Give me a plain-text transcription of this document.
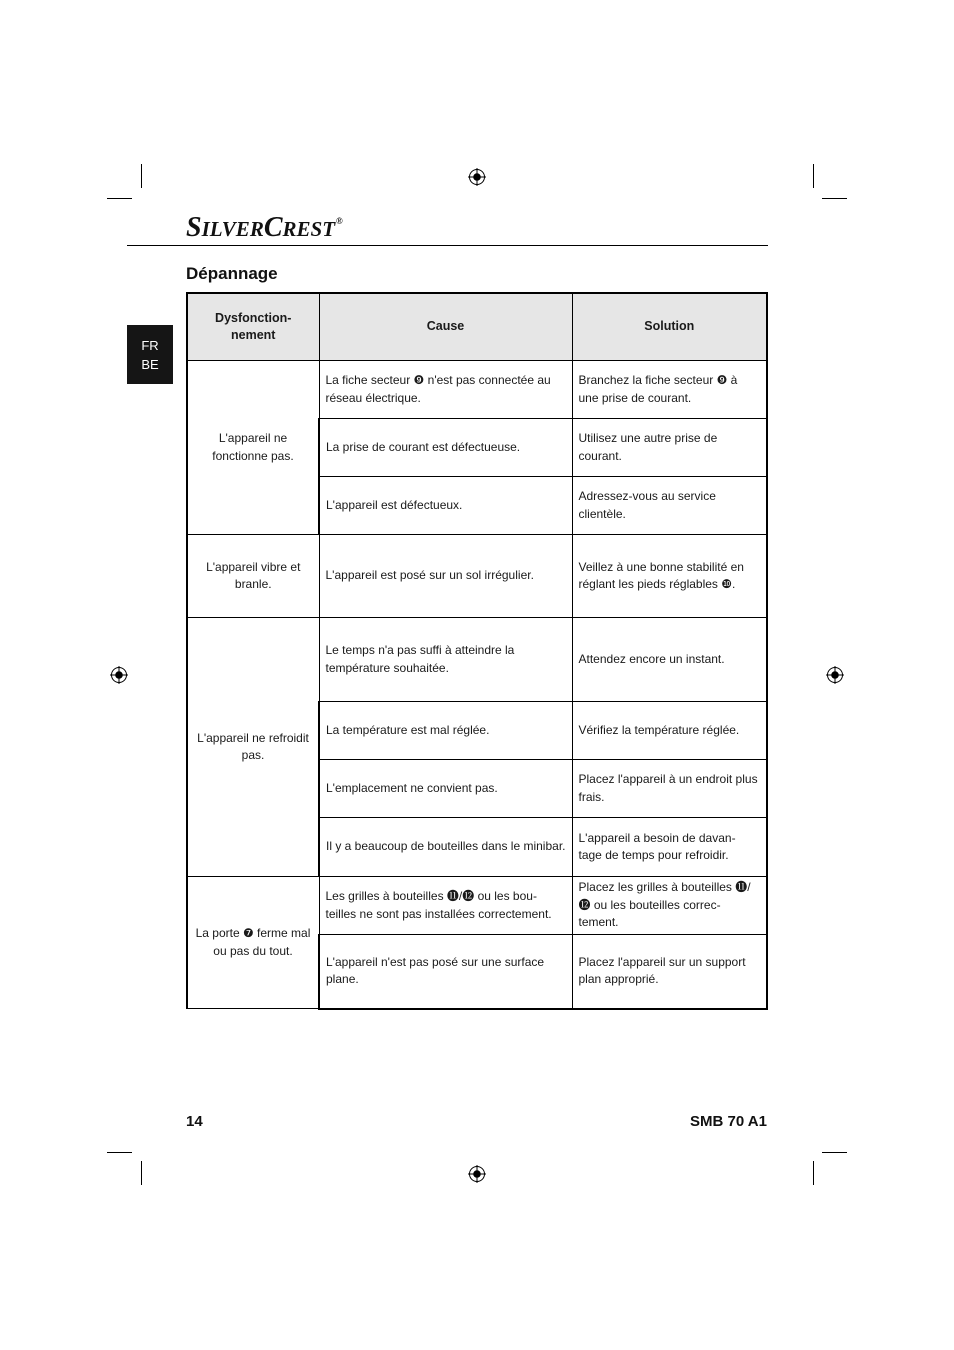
SILVERCREST®
Dépannage
FR
BE
Dysfonction- nement	Cause	Solution
L'appareil ne fonctionne pas.	La fiche secteur ❾ n'est pas connectée au réseau électrique.	Branchez la fiche secteur ❾ à une prise de courant.
	La prise de courant est défectueuse.	Utilisez une autre prise de courant.
	L'appareil est défectueux.	Adressez-vous au service clientèle.
L'appareil vibre et branle.	L'appareil est posé sur un sol irrégulier.	Veillez à une bonne stabilité en réglant les pieds réglables ❿.
L'appareil ne refroidit pas.	Le temps n'a pas suffi à atteindre la température souhaitée.	Attendez encore un instant.
	La température est mal réglée.	Vérifiez la température réglée.
	L'emplacement ne convient pas.	Placez l'appareil à un endroit plus frais.
	Il y a beaucoup de bouteilles dans le minibar.	L'appareil a besoin de davan- tage de temps pour refroidir.
La porte ❼ ferme mal ou pas du tout.	Les grilles à bouteilles ⓫/⓬ ou les bou- teilles ne sont pas installées correctement.	Placez les grilles à bouteilles ⓫/⓬ ou les bouteilles correc- tement.
	L'appareil n'est pas posé sur une surface plane.	Placez l'appareil sur un support plan approprié.
14	SMB 70 A1
